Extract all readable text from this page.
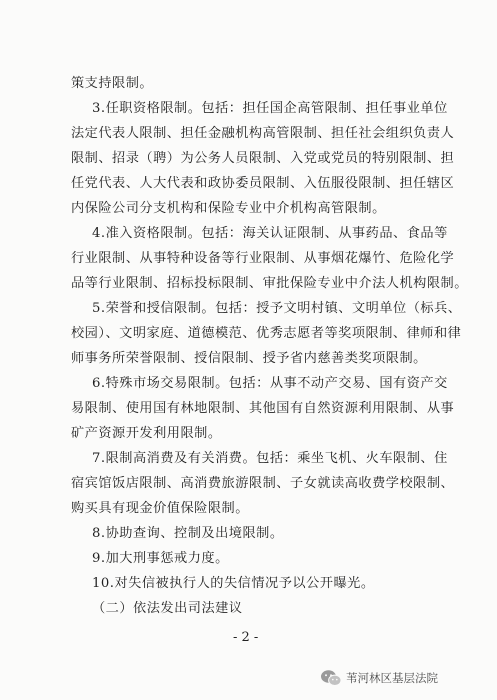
策支持限制。
3.任职资格限制。包括：担任国企高管限制、担任事业单位
法定代表人限制、担任金融机构高管限制、担任社会组织负责人
限制、招录（聘）为公务人员限制、入党或党员的特别限制、担
任党代表、人大代表和政协委员限制、入伍服役限制、担任辖区
内保险公司分支机构和保险专业中介机构高管限制。
4.准入资格限制。包括：海关认证限制、从事药品、食品等
行业限制、从事特种设备等行业限制、从事烟花爆竹、危险化学
品等行业限制、招标投标限制、审批保险专业中介法人机构限制。
5.荣誉和授信限制。包括：授予文明村镇、文明单位（标兵、
校园）、文明家庭、道德模范、优秀志愿者等奖项限制、律师和律
师事务所荣誉限制、授信限制、授予省内慈善类奖项限制。
6.特殊市场交易限制。包括：从事不动产交易、国有资产交
易限制、使用国有林地限制、其他国有自然资源利用限制、从事
矿产资源开发利用限制。
7.限制高消费及有关消费。包括：乘坐飞机、火车限制、住
宿宾馆饭店限制、高消费旅游限制、子女就读高收费学校限制、
购买具有现金价值保险限制。
8.协助查询、控制及出境限制。
9.加大刑事惩戒力度。
10.对失信被执行人的失信情况予以公开曝光。
（二）依法发出司法建议
- 2 -
苇河林区基层法院
